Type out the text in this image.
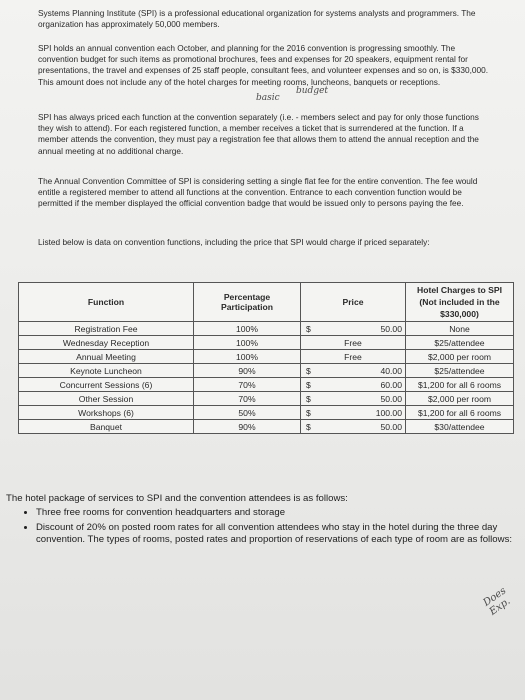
Systems Planning Institute (SPI) is a professional educational organization for systems analysts and programmers. The organization has approximately 50,000 members.

SPI holds an annual convention each October, and planning for the 2016 convention is progressing smoothly. The convention budget for such items as promotional brochures, fees and expenses for 20 speakers, equipment rental for presentations, the travel and expenses of 25 staff people, consultant fees, and volunteer expenses and so on, is $330,000. This amount does not include any of the hotel charges for meeting rooms, luncheons, banquets or receptions.

basic
budget

SPI has always priced each function at the convention separately (i.e. - members select and pay for only those functions they wish to attend). For each registered function, a member receives a ticket that is surrendered at the function. If a member attends the convention, they must pay a registration fee that allows them to attend the annual reception and the annual meeting at no additional charge.

The Annual Convention Committee of SPI is considering setting a single flat fee for the entire convention. The fee would entitle a registered member to attend all functions at the convention. Entrance to each convention function would be permitted if the member displayed the official convention badge that would be issued only to persons paying the fee.

Listed below is data on convention functions, including the price that SPI would charge if priced separately:

Function	Percentage Participation	Price	Hotel Charges to SPI (Not included in the $330,000)
Registration Fee	100%	$ 50.00	None
Wednesday Reception	100%	Free	$25/attendee
Annual Meeting	100%	Free	$2,000 per room
Keynote Luncheon	90%	$ 40.00	$25/attendee
Concurrent Sessions (6)	70%	$ 60.00	$1,200 for all 6 rooms
Other Session	70%	$ 50.00	$2,000 per room
Workshops (6)	50%	$ 100.00	$1,200 for all 6 rooms
Banquet	90%	$ 50.00	$30/attendee

The hotel package of services to SPI and the convention attendees is as follows:

• Three free rooms for convention headquarters and storage
• Discount of 20% on posted room rates for all convention attendees who stay in the hotel during the three day convention. The types of rooms, posted rates and proportion of reservations of each type of room are as follows:
Does Exp.
